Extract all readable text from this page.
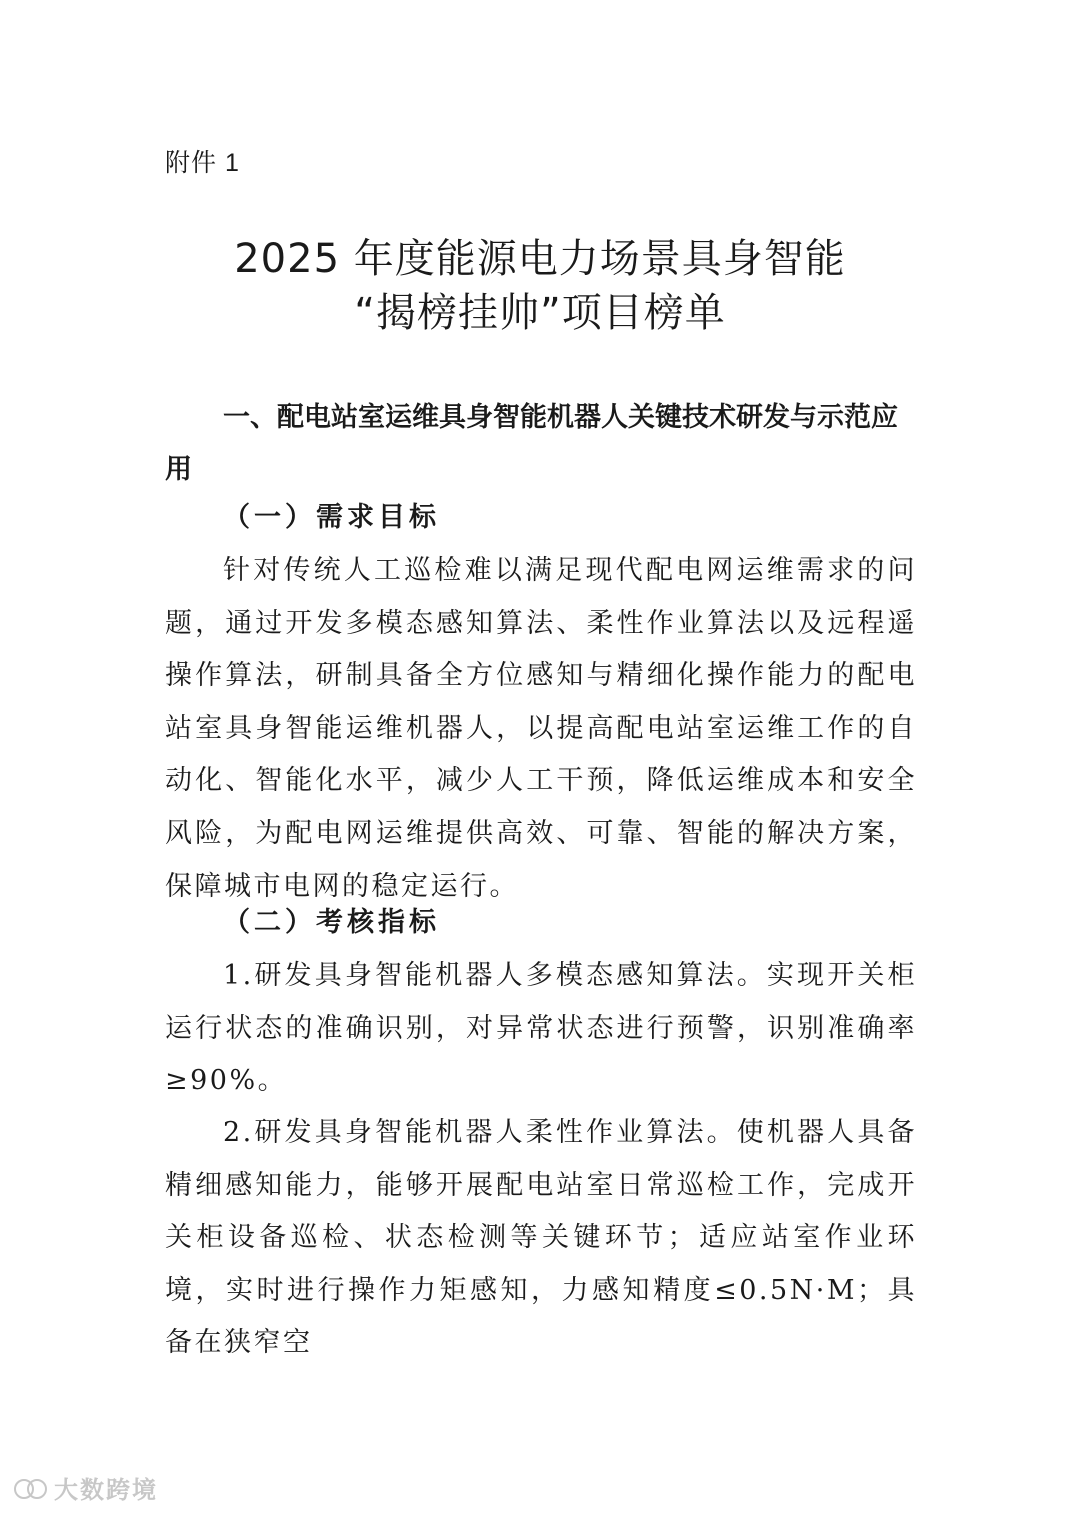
附件 1
2025 年度能源电力场景具身智能
“揭榜挂帅”项目榜单
一、配电站室运维具身智能机器人关键技术研发与示范应用
（一）需求目标
针对传统人工巡检难以满足现代配电网运维需求的问题，通过开发多模态感知算法、柔性作业算法以及远程遥操作算法，研制具备全方位感知与精细化操作能力的配电站室具身智能运维机器人，以提高配电站室运维工作的自动化、智能化水平，减少人工干预，降低运维成本和安全风险，为配电网运维提供高效、可靠、智能的解决方案，保障城市电网的稳定运行。
（二）考核指标
1.研发具身智能机器人多模态感知算法。实现开关柜运行状态的准确识别，对异常状态进行预警，识别准确率≥90%。
2.研发具身智能机器人柔性作业算法。使机器人具备精细感知能力，能够开展配电站室日常巡检工作，完成开关柜设备巡检、状态检测等关键环节；适应站室作业环境，实时进行操作力矩感知，力感知精度≤0.5N·M；具备在狭窄空
大数跨境
